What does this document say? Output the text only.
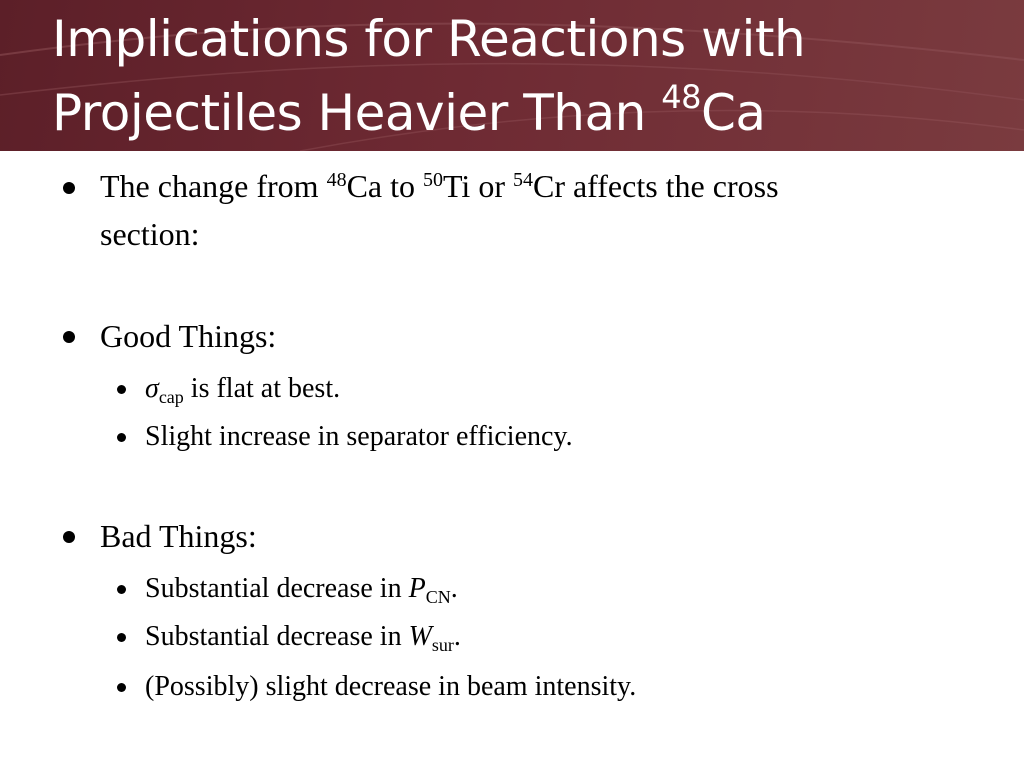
Implications for Reactions with
Projectiles Heavier Than $^{48}$Ca
The change from $^{48}$Ca to $^{50}$Ti or $^{54}$Cr affects the cross
section:
Good Things:
$\sigma_{cap}$ is flat at best.
Slight increase in separator efficiency.
Bad Things:
Substantial decrease in $P_{CN}$.
Substantial decrease in $W_{sur}$.
(Possibly) slight decrease in beam intensity.
